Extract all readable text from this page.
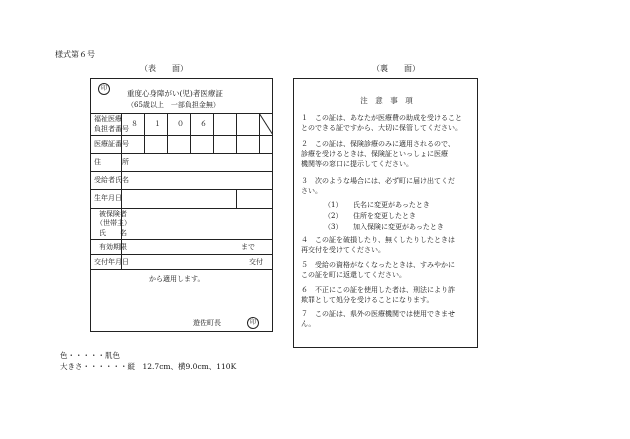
様式第６号
（表　　面）	（裏　　面）
印
重度心身障がい(児)者医療証
（65歳以上　一部負担金無）
福祉医療
負担者番号
８ １ ０ ６
医療証番号
住　　　所
受給者氏名
生年月日
被保険者
（世帯主）
氏　　名
有効期限	まで
交付年月日	交付
から適用します。
遊佐町長	印
注　意　事　項
１　この証は、あなたが医療費の助成を受けること
とのできる証ですから、大切に保管してください。
２　この証は、保険診療のみに適用されるので、
診療を受けるときは、保険証といっしょに医療
機関等の窓口に提示してください。
３　次のような場合には、必ず町に届け出てくだ
さい。
（1）　　氏名に変更があったとき
（2）　　住所を変更したとき
（3）　　加入保険に変更があったとき
４　この証を破損したり、無くしたりしたときは
再交付を受けてください。
５　受給の資格がなくなったときは、すみやかに
この証を町に返還してください。
６　不正にこの証を使用した者は、刑法により詐
欺罪として処分を受けることになります。
７　この証は、県外の医療機関では使用できませ
ん。
色・・・・・肌色
大きさ・・・・・・縦　12.7cm、横9.0cm、110K
